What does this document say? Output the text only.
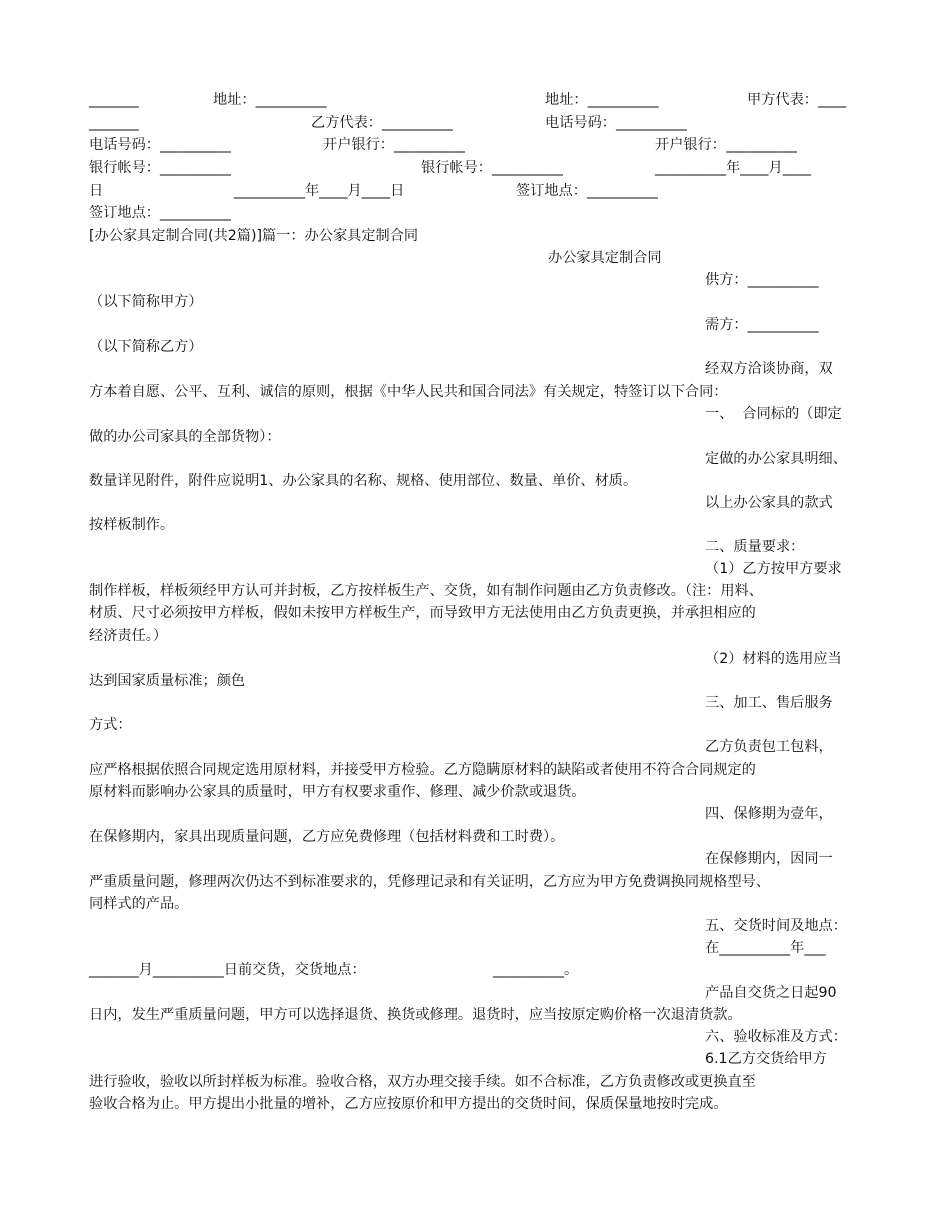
_______	地址：__________	地址：__________	甲方代表：____
_______	乙方代表：__________	电话号码：__________
电话号码：__________	开户银行：__________	开户银行：__________
银行帐号：__________	银行帐号：__________	__________年____月____
日	__________年____月____日	签订地点：__________
签订地点：__________
[办公家具定制合同(共2篇)]篇一：办公家具定制合同
办公家具定制合同
供方：__________
（以下简称甲方）
需方：__________
（以下简称乙方）
经双方洽谈协商，双
方本着自愿、公平、互利、诚信的原则，根据《中华人民共和国合同法》有关规定，特签订以下合同：
一、  合同标的（即定
做的办公司家具的全部货物）：
定做的办公家具明细、
数量详见附件，附件应说明1、办公家具的名称、规格、使用部位、数量、单价、材质。
以上办公家具的款式
按样板制作。
二、质量要求：
（1）乙方按甲方要求
制作样板，样板须经甲方认可并封板，乙方按样板生产、交货，如有制作问题由乙方负责修改。（注：用料、
材质、尺寸必须按甲方样板，假如未按甲方样板生产，而导致甲方无法使用由乙方负责更换，并承担相应的
经济责任。）
（2）材料的选用应当
达到国家质量标准；颜色
三、加工、售后服务
方式：
乙方负责包工包料，
应严格根据依照合同规定选用原材料，并接受甲方检验。乙方隐瞒原材料的缺陷或者使用不符合合同规定的
原材料而影响办公家具的质量时，甲方有权要求重作、修理、减少价款或退货。
四、保修期为壹年，
在保修期内，家具出现质量问题，乙方应免费修理（包括材料费和工时费）。
在保修期内，因同一
严重质量问题，修理两次仍达不到标准要求的，凭修理记录和有关证明，乙方应为甲方免费调换同规格型号、
同样式的产品。
五、交货时间及地点：
在__________年___
_______月__________日前交货，交货地点：	__________。
产品自交货之日起90
日内，发生严重质量问题，甲方可以选择退货、换货或修理。退货时，应当按原定购价格一次退清货款。
六、验收标准及方式：
6.1乙方交货给甲方
进行验收，验收以所封样板为标准。验收合格，双方办理交接手续。如不合标准，乙方负责修改或更换直至
验收合格为止。甲方提出小批量的增补，乙方应按原价和甲方提出的交货时间，保质保量地按时完成。
